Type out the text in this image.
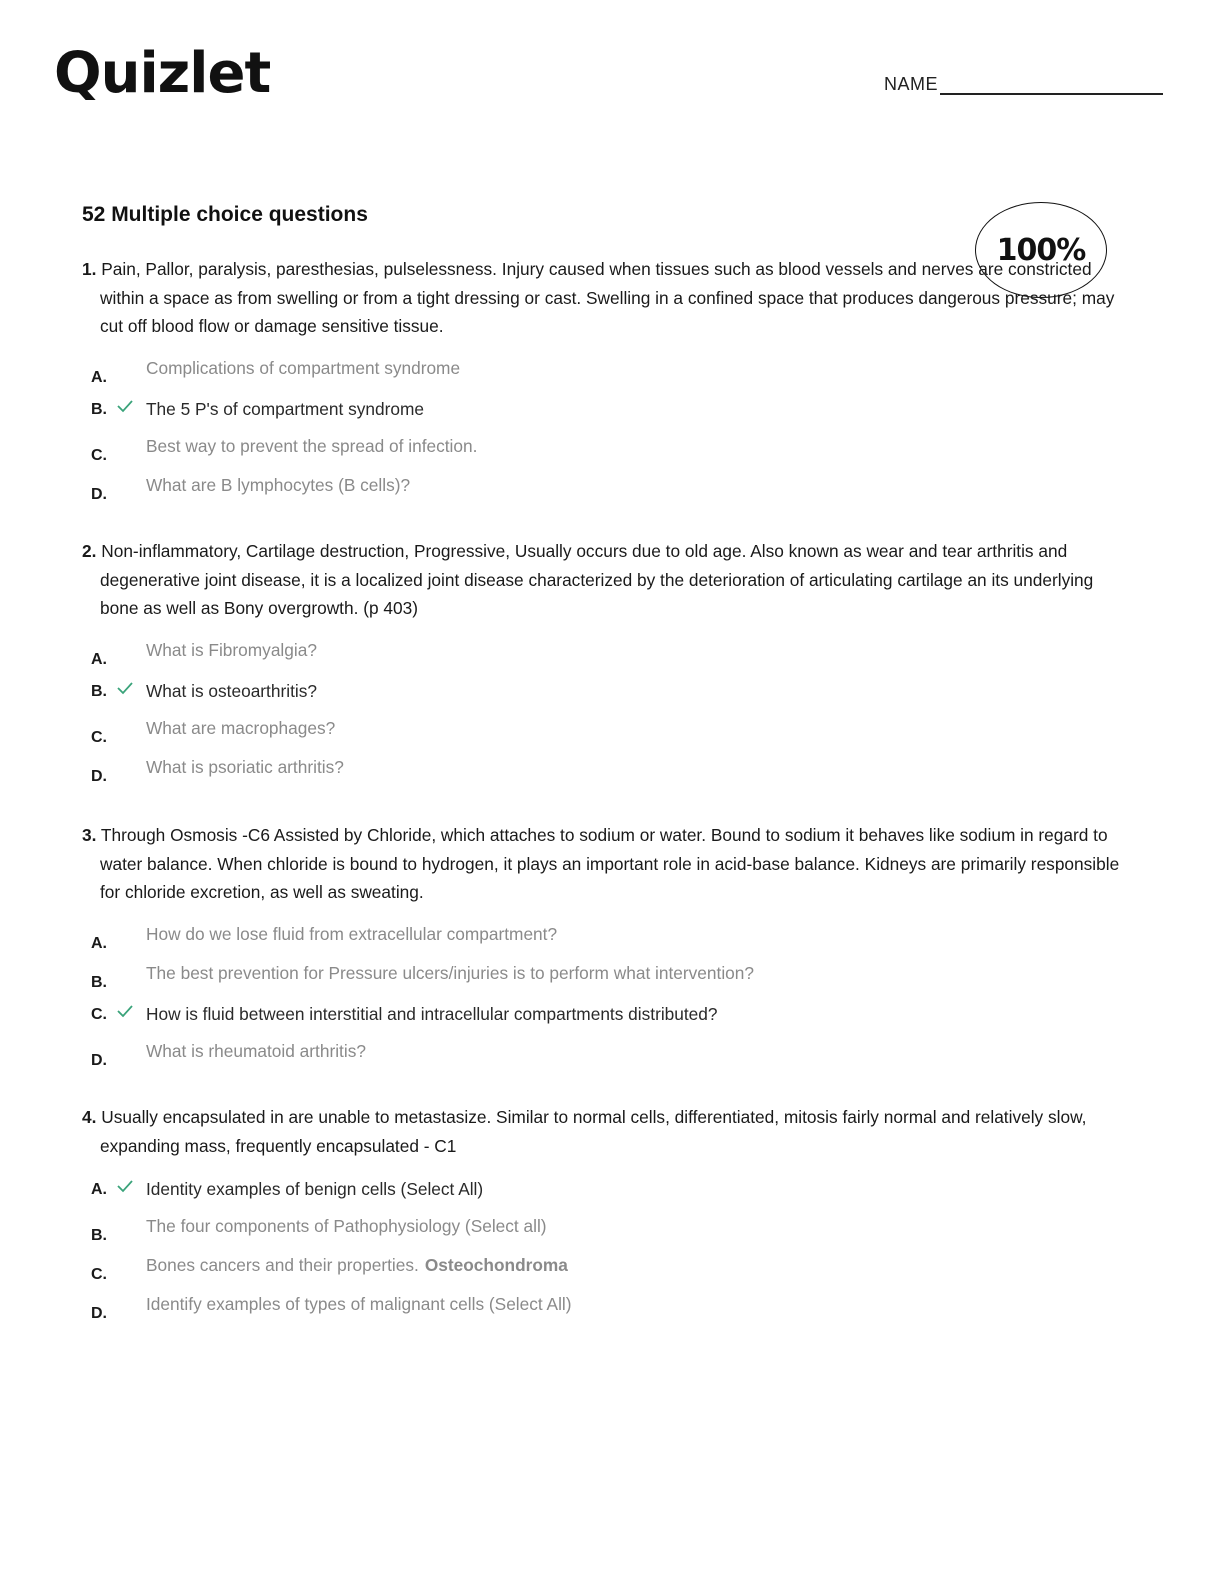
Quizlet	NAME
52 Multiple choice questions
100%
1. Pain, Pallor, paralysis, paresthesias, pulselessness. Injury caused when tissues such as blood vessels and nerves are constricted within a space as from swelling or from a tight dressing or cast. Swelling in a confined space that produces dangerous pressure; may cut off blood flow or damage sensitive tissue.
A. Complications of compartment syndrome
B. The 5 P's of compartment syndrome
C. Best way to prevent the spread of infection.
D. What are B lymphocytes (B cells)?
2. Non-inflammatory, Cartilage destruction, Progressive, Usually occurs due to old age. Also known as wear and tear arthritis and degenerative joint disease, it is a localized joint disease characterized by the deterioration of articulating cartilage an its underlying bone as well as Bony overgrowth. (p 403)
A. What is Fibromyalgia?
B. What is osteoarthritis?
C. What are macrophages?
D. What is psoriatic arthritis?
3. Through Osmosis -C6 Assisted by Chloride, which attaches to sodium or water. Bound to sodium it behaves like sodium in regard to water balance. When chloride is bound to hydrogen, it plays an important role in acid-base balance. Kidneys are primarily responsible for chloride excretion, as well as sweating.
A. How do we lose fluid from extracellular compartment?
B. The best prevention for Pressure ulcers/injuries is to perform what intervention?
C. How is fluid between interstitial and intracellular compartments distributed?
D. What is rheumatoid arthritis?
4. Usually encapsulated in are unable to metastasize. Similar to normal cells, differentiated, mitosis fairly normal and relatively slow, expanding mass, frequently encapsulated - C1
A. Identity examples of benign cells (Select All)
B. The four components of Pathophysiology (Select all)
C. Bones cancers and their properties. Osteochondroma
D. Identify examples of types of malignant cells (Select All)
